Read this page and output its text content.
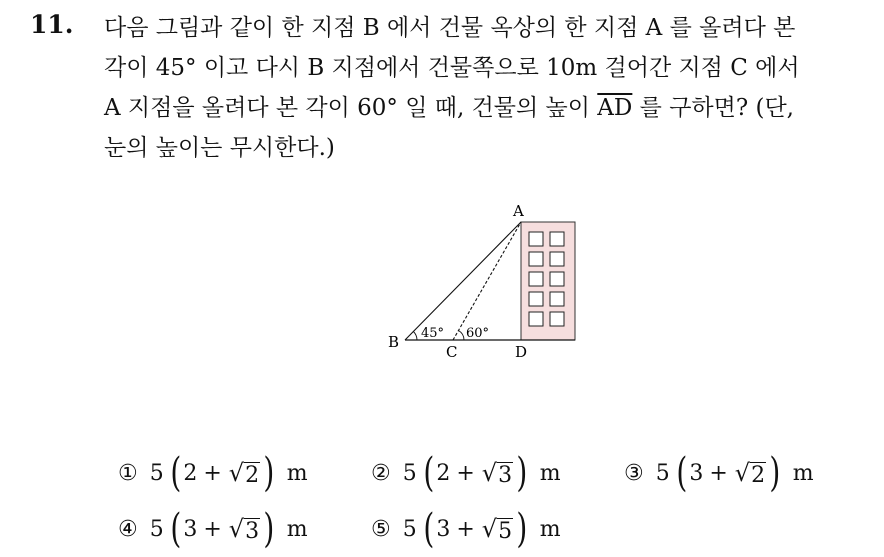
11. 다음 그림과 같이 한 지점 B 에서 건물 옥상의 한 지점 A 를 올려다 본
각이 45° 이고 다시 B 지점에서 건물쪽으로 10m 걸어간 지점 C 에서
A 지점을 올려다 본 각이 60° 일 때, 건물의 높이 $\overline{AD}$ 를 구하면? (단,
눈의 높이는 무시한다.)
A
B
C	D
45° 60°
① 5 ( 2 + √ 2 ) m	② 5 ( 2 + √ 3 ) m	③ 5 ( 3 + √ 2 ) m
④ 5 ( 3 + √ 3 ) m	⑤ 5 ( 3 + √ 5 ) m
